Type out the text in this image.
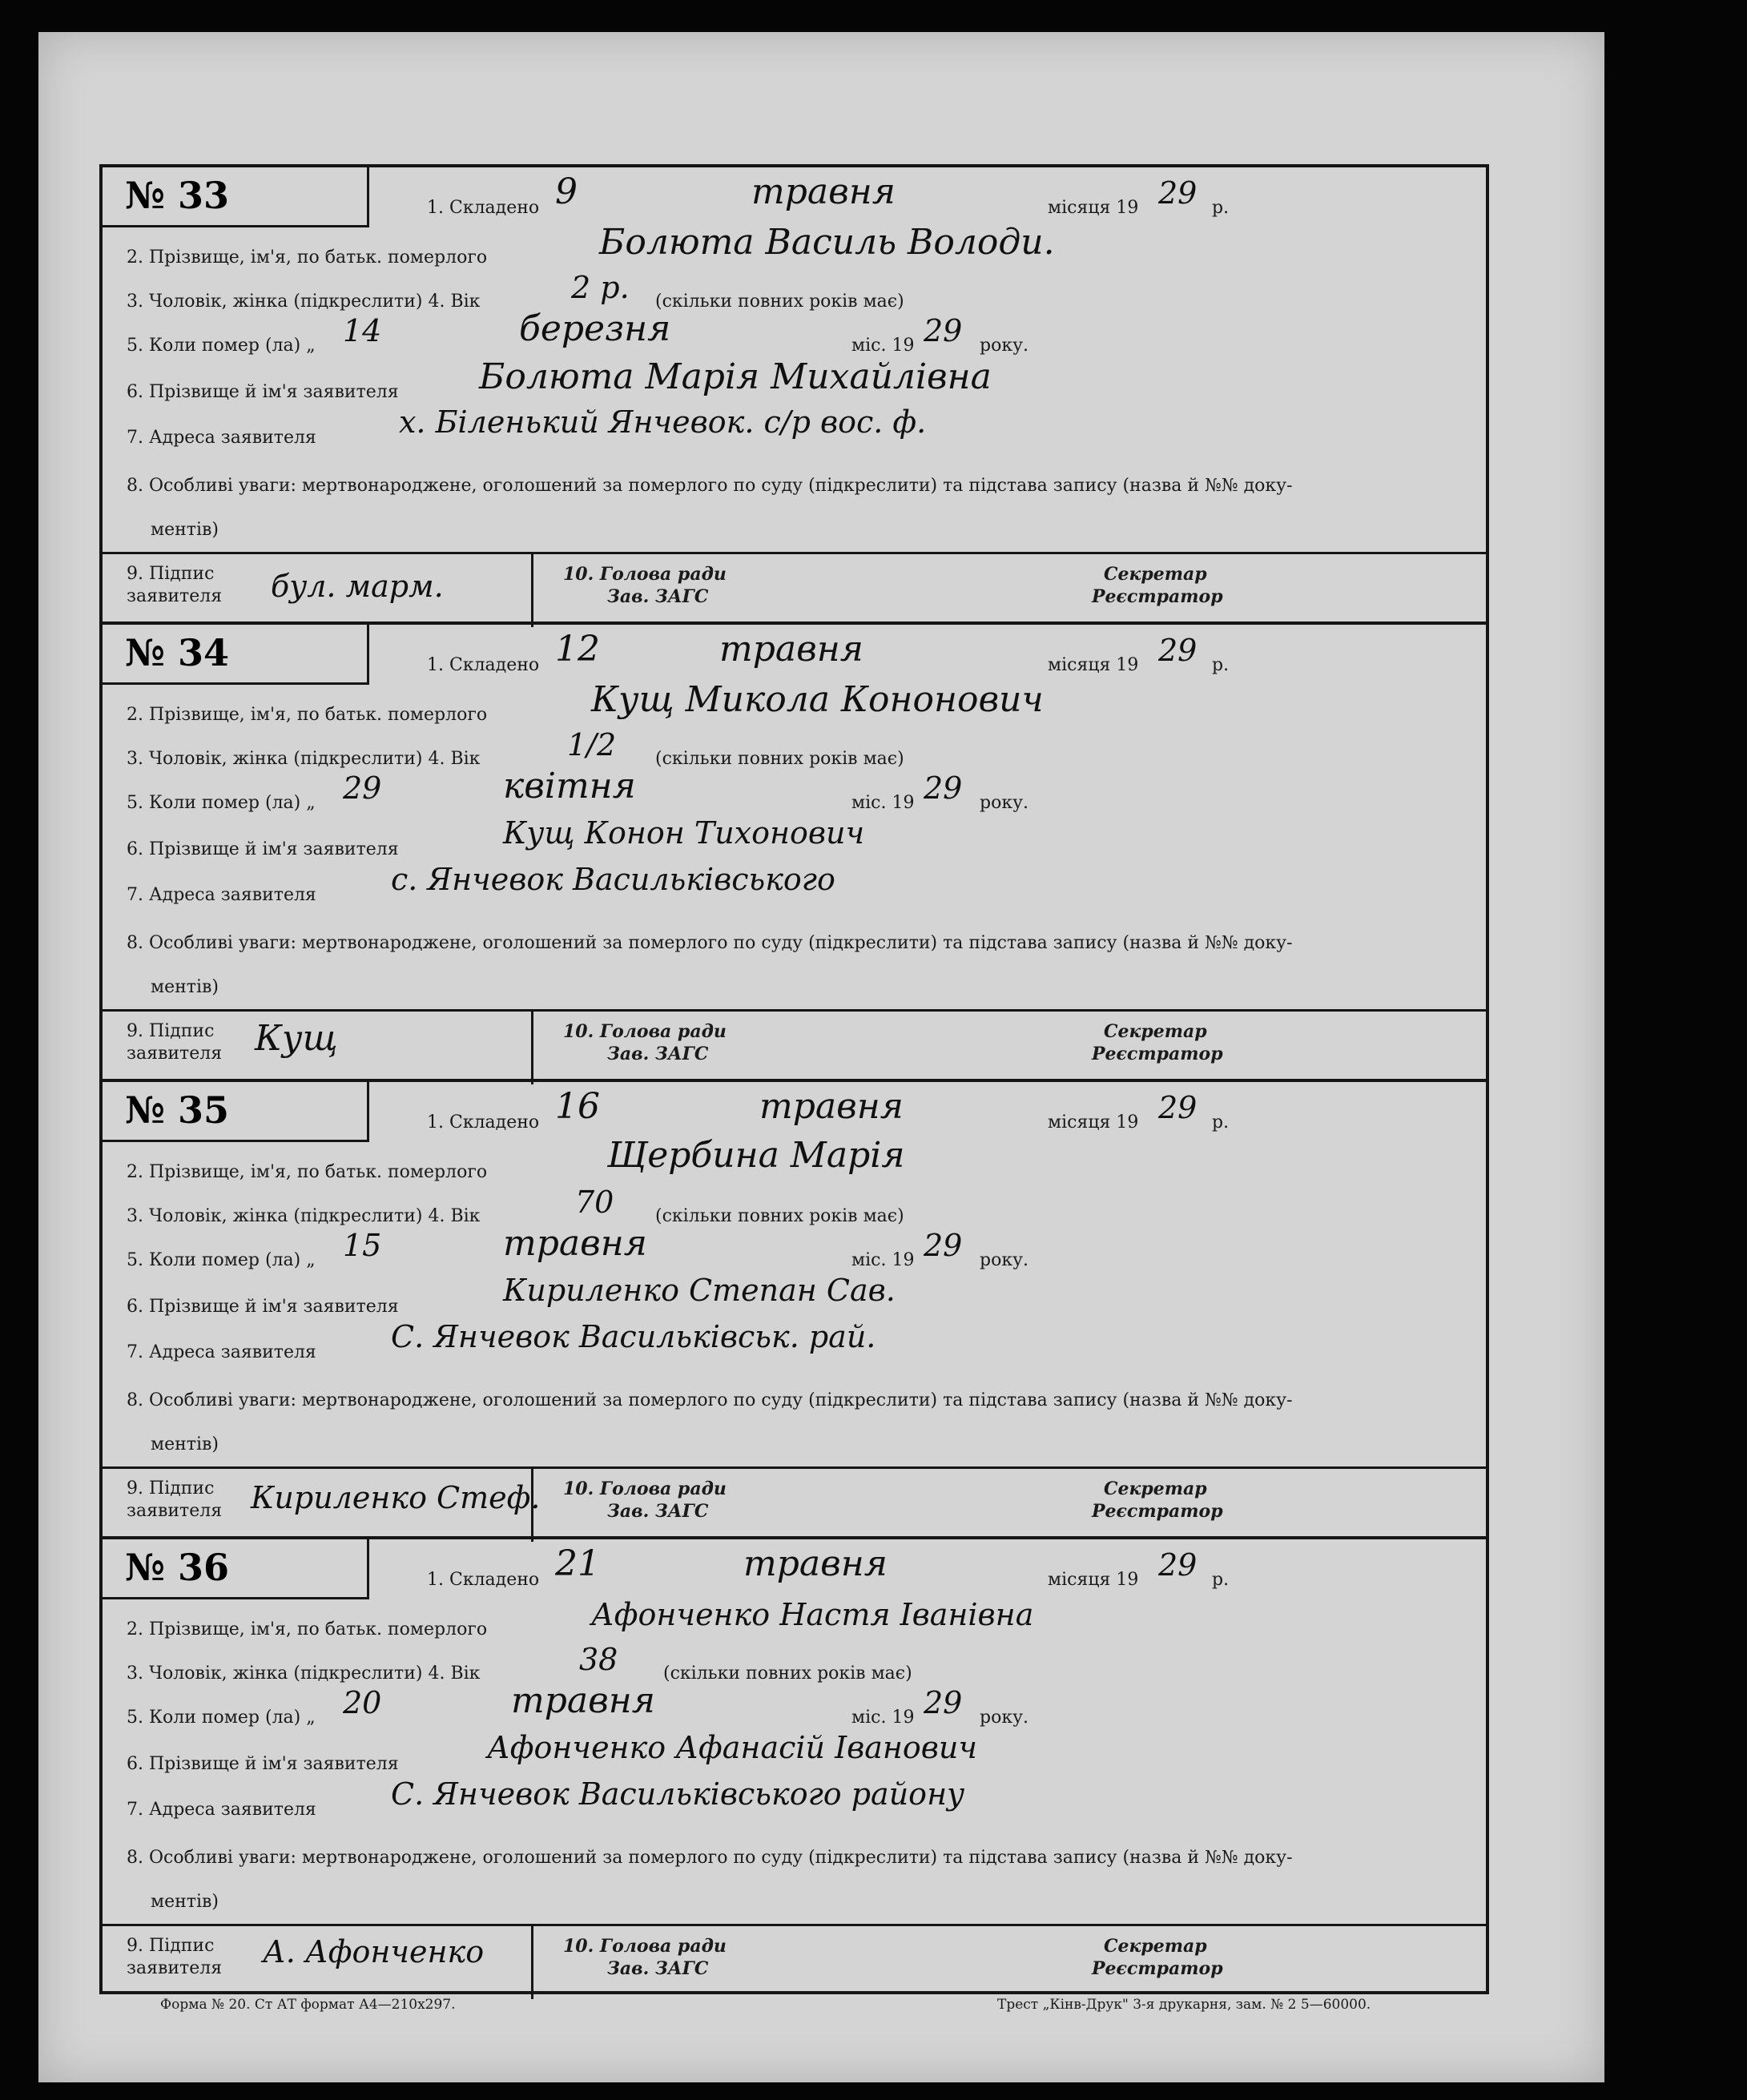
№ 33	1. Складено 9	травня	місяця 19 29 р.
2. Прізвище, ім'я, по батьк. померлого	Болюта Василь Володи.
3. Чоловік, жінка (підкреслити) 4. Вік	2 р. (скільки повних років має)
5. Коли помер (ла) „ 14	березня	міс. 19 29 року.
6. Прізвище й ім'я заявителя Болюта Марія Михайлівна
7. Адреса заявителя	х. Біленький Янчевок. с/р вос. ф.
8. Особливі уваги: мертвонароджене, оголошений за померлого по суду (підкреслити) та підстава запису (назва й №№ доку-
ментів)
9. Підпис
заявителя бул. марм.	10. Голова ради
Зав. ЗАГС
Секретар
Реєстратор
№ 34	1. Складено 12	травня	місяця 19 29 р.
2. Прізвище, ім'я, по батьк. померлого	Кущ Микола Кононович
3. Чоловік, жінка (підкреслити) 4. Вік	1/2 (скільки повних років має)
5. Коли помер (ла) „ 29	квітня	міс. 19 29 року.
6. Прізвище й ім'я заявителя	Кущ Конон Тихонович
7. Адреса заявителя с. Янчевок Васильківського
8. Особливі уваги: мертвонароджене, оголошений за померлого по суду (підкреслити) та підстава запису (назва й №№ доку-
ментів)
9. Підпис
заявителя Кущ	10. Голова ради
Зав. ЗАГС
Секретар
Реєстратор
№ 35	1. Складено 16	травня	місяця 19 29 р.
2. Прізвище, ім'я, по батьк. померлого	Щербина Марія
3. Чоловік, жінка (підкреслити) 4. Вік	70 (скільки повних років має)
5. Коли помер (ла) „ 15	травня	міс. 19 29 року.
6. Прізвище й ім'я заявителя	Кириленко Степан Сав.
7. Адреса заявителя С. Янчевок Васильківськ. рай.
8. Особливі уваги: мертвонароджене, оголошений за померлого по суду (підкреслити) та підстава запису (назва й №№ доку-
ментів)
9. Підпис
заявителя Кириленко Стеф. 10. Голова ради
Зав. ЗАГС
Секретар
Реєстратор
№ 36	1. Складено 21	травня	місяця 19 29 р.
2. Прізвище, ім'я, по батьк. померлого	Афонченко Настя Іванівна
3. Чоловік, жінка (підкреслити) 4. Вік	38	(скільки повних років має)
5. Коли помер (ла) „ 20	травня	міс. 19 29 року.
6. Прізвище й ім'я заявителя	Афонченко Афанасій Іванович
7. Адреса заявителя С. Янчевок Васильківського району
8. Особливі уваги: мертвонароджене, оголошений за померлого по суду (підкреслити) та підстава запису (назва й №№ доку-
ментів)
9. Підпис
заявителя А. Афонченко	10. Голова ради
Зав. ЗАГС
Секретар
Реєстратор
Форма № 20. Ст АТ формат А4—210х297.	Трест „Кінв-Друк" 3-я друкарня, зам. № 2 5—60000.
